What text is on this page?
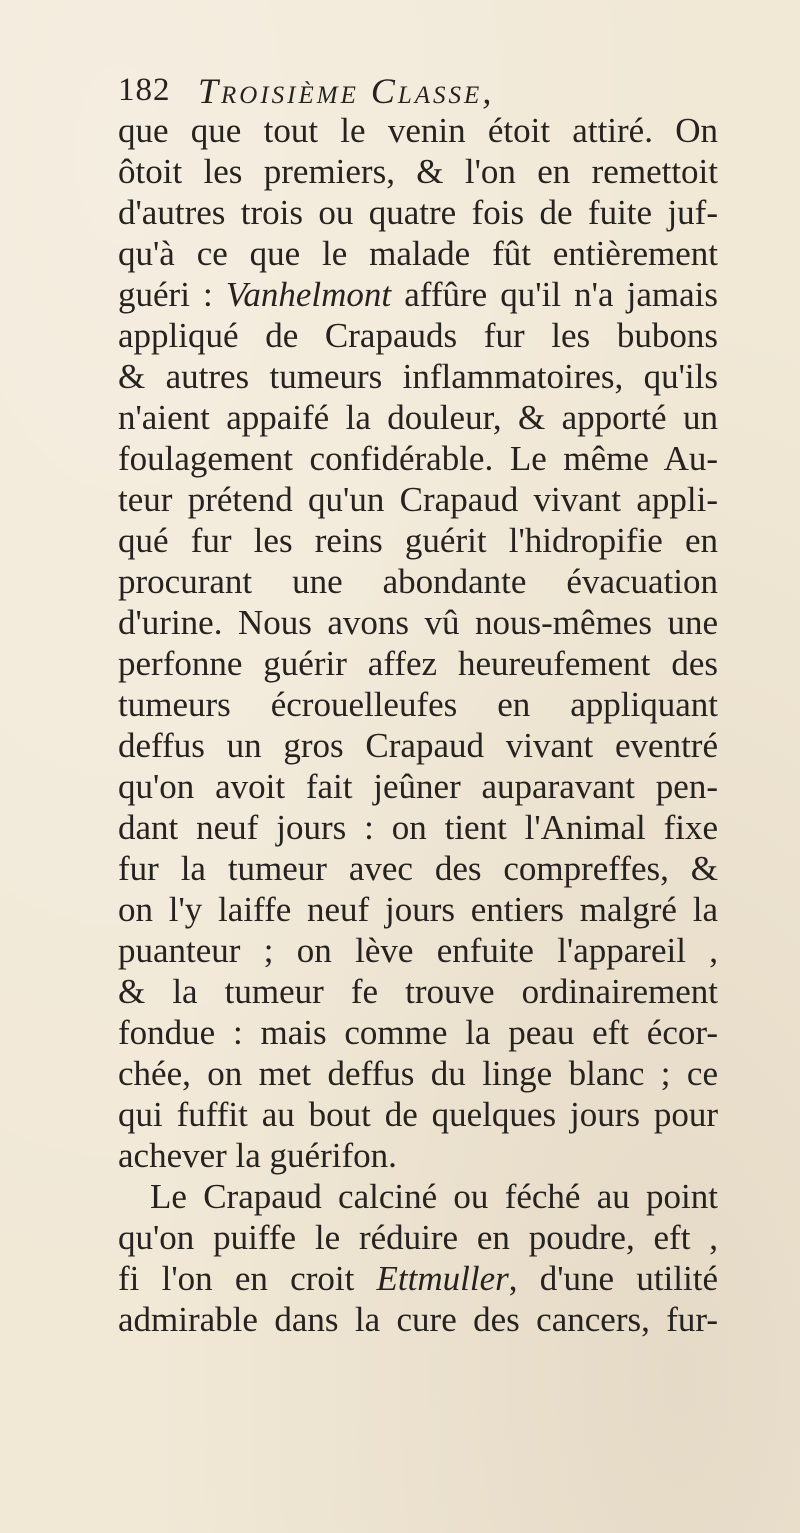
182 Troisième Classe,
que que tout le venin étoit attiré. On
ôtoit les premiers, & l'on en remettoit
d'autres trois ou quatre fois de fuite juf-
qu'à ce que le malade fût entièrement
guéri : Vanhelmont affûre qu'il n'a jamais
appliqué de Crapauds fur les bubons
& autres tumeurs inflammatoires, qu'ils
n'aient appaifé la douleur, & apporté un
foulagement confidérable. Le même Au-
teur prétend qu'un Crapaud vivant appli-
qué fur les reins guérit l'hidropifie en
procurant une abondante évacuation
d'urine. Nous avons vû nous-mêmes une
perfonne guérir affez heureufement des
tumeurs écrouelleufes en appliquant
deffus un gros Crapaud vivant eventré
qu'on avoit fait jeûner auparavant pen-
dant neuf jours : on tient l'Animal fixe
fur la tumeur avec des compreffes, &
on l'y laiffe neuf jours entiers malgré la
puanteur ; on lève enfuite l'appareil ,
& la tumeur fe trouve ordinairement
fondue : mais comme la peau eft écor-
chée, on met deffus du linge blanc ; ce
qui fuffit au bout de quelques jours pour
achever la guérifon.
Le Crapaud calciné ou féché au point
qu'on puiffe le réduire en poudre, eft ,
fi l'on en croit Ettmuller, d'une utilité
admirable dans la cure des cancers, fur-
